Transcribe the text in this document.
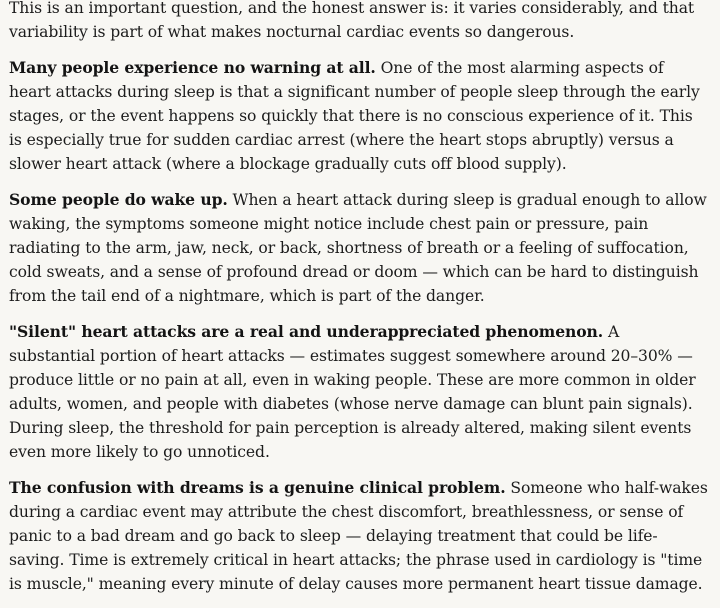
This is an important question, and the honest answer is: it varies considerably, and that variability is part of what makes nocturnal cardiac events so dangerous.

Many people experience no warning at all. One of the most alarming aspects of heart attacks during sleep is that a significant number of people sleep through the early stages, or the event happens so quickly that there is no conscious experience of it. This is especially true for sudden cardiac arrest (where the heart stops abruptly) versus a slower heart attack (where a blockage gradually cuts off blood supply).

Some people do wake up. When a heart attack during sleep is gradual enough to allow waking, the symptoms someone might notice include chest pain or pressure, pain radiating to the arm, jaw, neck, or back, shortness of breath or a feeling of suffocation, cold sweats, and a sense of profound dread or doom — which can be hard to distinguish from the tail end of a nightmare, which is part of the danger.

"Silent" heart attacks are a real and underappreciated phenomenon. A substantial portion of heart attacks — estimates suggest somewhere around 20–30% — produce little or no pain at all, even in waking people. These are more common in older adults, women, and people with diabetes (whose nerve damage can blunt pain signals). During sleep, the threshold for pain perception is already altered, making silent events even more likely to go unnoticed.

The confusion with dreams is a genuine clinical problem. Someone who half-wakes during a cardiac event may attribute the chest discomfort, breathlessness, or sense of panic to a bad dream and go back to sleep — delaying treatment that could be life-saving. Time is extremely critical in heart attacks; the phrase used in cardiology is "time is muscle," meaning every minute of delay causes more permanent heart tissue damage.
